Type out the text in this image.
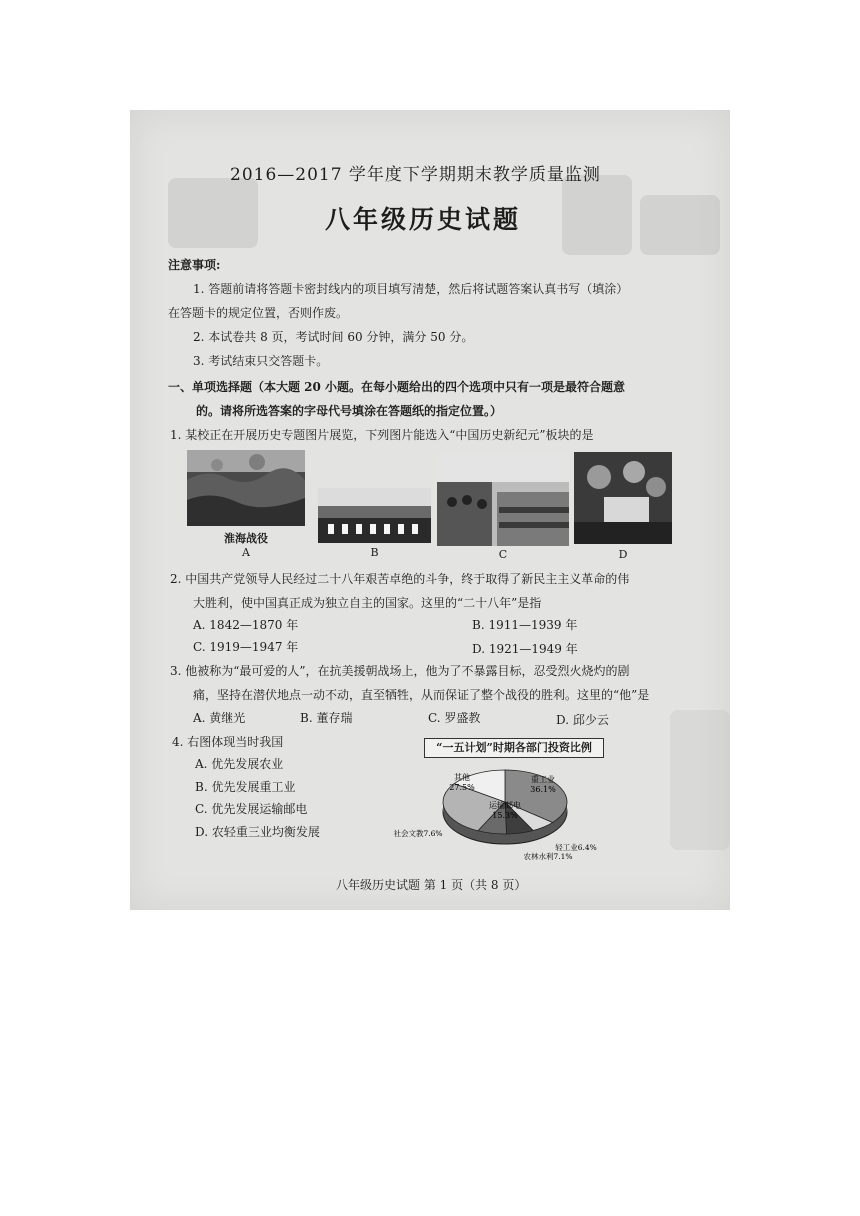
2016—2017 学年度下学期期末教学质量监测
八年级历史试题
注意事项:
1. 答题前请将答题卡密封线内的项目填写清楚，然后将试题答案认真书写（填涂）
在答题卡的规定位置，否则作废。
2. 本试卷共 8 页，考试时间 60 分钟，满分 50 分。
3. 考试结束只交答题卡。
一、单项选择题（本大题 20 小题。在每小题给出的四个选项中只有一项是最符合题意
的。请将所选答案的字母代号填涂在答题纸的指定位置。）
1. 某校正在开展历史专题图片展览，下列图片能选入“中国历史新纪元”板块的是
淮海战役
A	B	C	D
2. 中国共产党领导人民经过二十八年艰苦卓绝的斗争，终于取得了新民主主义革命的伟
大胜利，使中国真正成为独立自主的国家。这里的“二十八年”是指
A. 1842—1870 年	B. 1911—1939 年
C. 1919—1947 年	D. 1921—1949 年
3. 他被称为“最可爱的人”，在抗美援朝战场上，他为了不暴露目标，忍受烈火烧灼的剧
痛，坚持在潜伏地点一动不动，直至牺牲，从而保证了整个战役的胜利。这里的“他”是
A. 黄继光	B. 董存瑞	C. 罗盛教	D. 邱少云
4. 右图体现当时我国
A. 优先发展农业
B. 优先发展重工业
C. 优先发展运输邮电
D. 农轻重三业均衡发展
“一五计划”时期各部门投资比例
重工业
36.1%
轻工业6.4%
农林水利7.1%
社会文教7.6%
其他
27.5%
运输邮电
15.3%
八年级历史试题 第 1 页（共 8 页）
